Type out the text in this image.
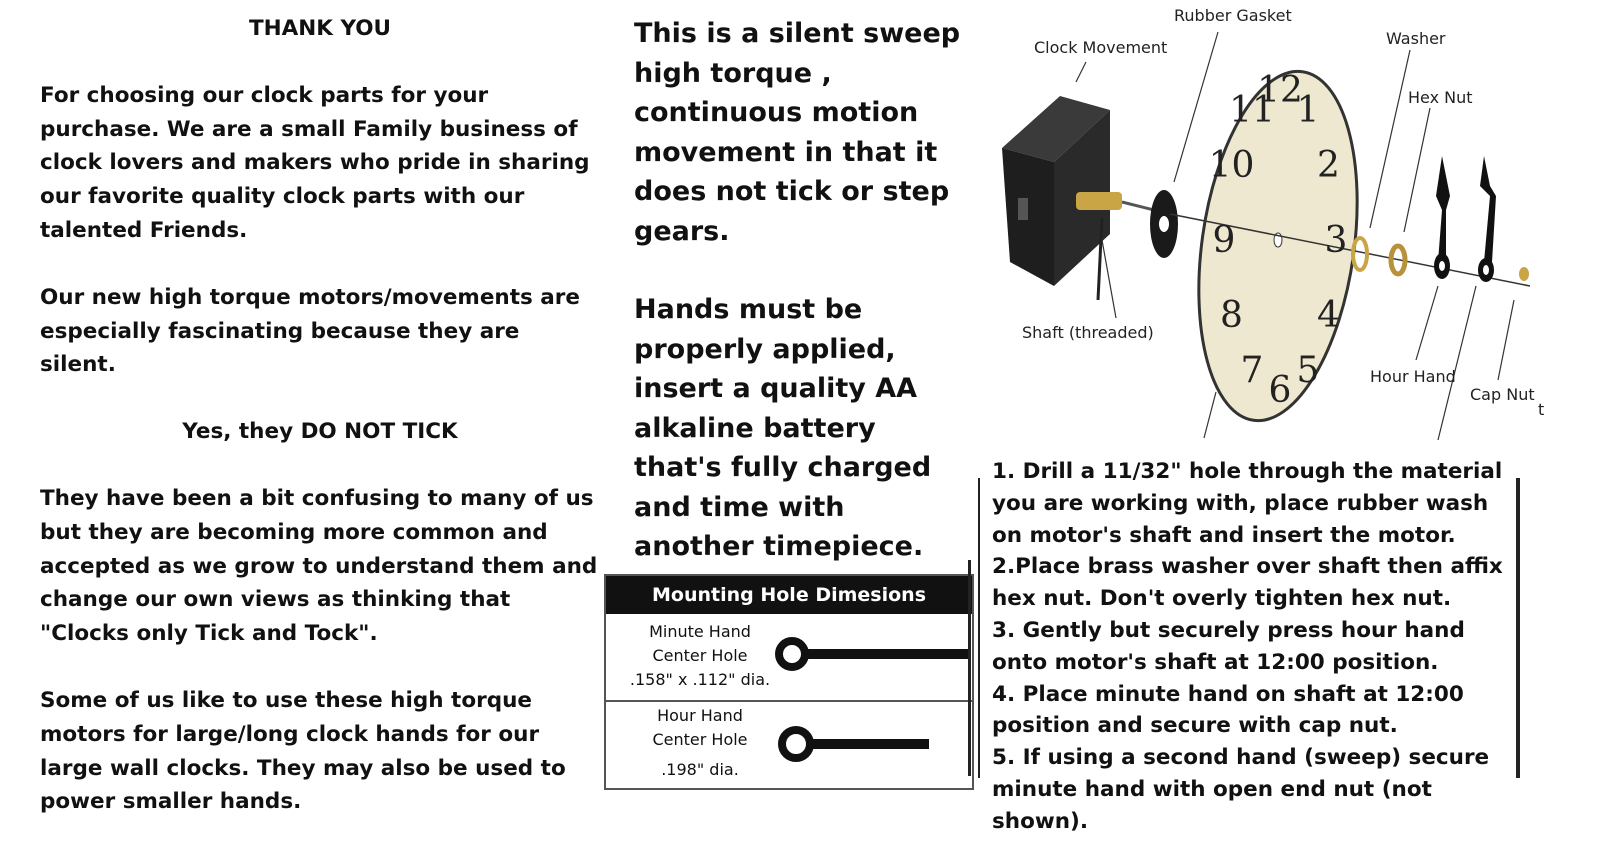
THANK YOU

For choosing our clock parts for your purchase. We are a small Family business of clock lovers and makers who pride in sharing our favorite quality clock parts with our talented Friends.

Our new high torque motors/movements are especially fascinating because they are silent.

Yes, they DO NOT TICK

They have been a bit confusing to many of us but they are becoming more common and accepted as we grow to understand them and change our own views as thinking that "Clocks only Tick and Tock".

Some of us like to use these high torque motors for large/long clock hands for our large wall clocks. They may also be used to power smaller hands.

This is a silent sweep high torque , continuous motion movement in that it does not tick or step gears.

Hands must be properly applied, insert a quality AA alkaline battery that's fully charged and time with another timepiece.

Mounting Hole Dimesions
Minute Hand
Center Hole
.158" x .112" dia.
Hour Hand
Center Hole
.198" dia.
12
1
2
3
4
5
6
7
8
9
10
11
Rubber Gasket
Clock Movement	Washer
Hex Nut
Shaft (threaded)
Hour Hand
Cap Nut
t
1. Drill a 11/32" hole through the material you are working with, place rubber wash on motor's shaft and insert the motor.
2.Place brass washer over shaft then affix hex nut. Don't overly tighten hex nut.
3. Gently but securely press hour hand onto motor's shaft at 12:00 position.
4. Place minute hand on shaft at 12:00 position and secure with cap nut.
5. If using a second hand (sweep) secure minute hand with open end nut (not shown).
